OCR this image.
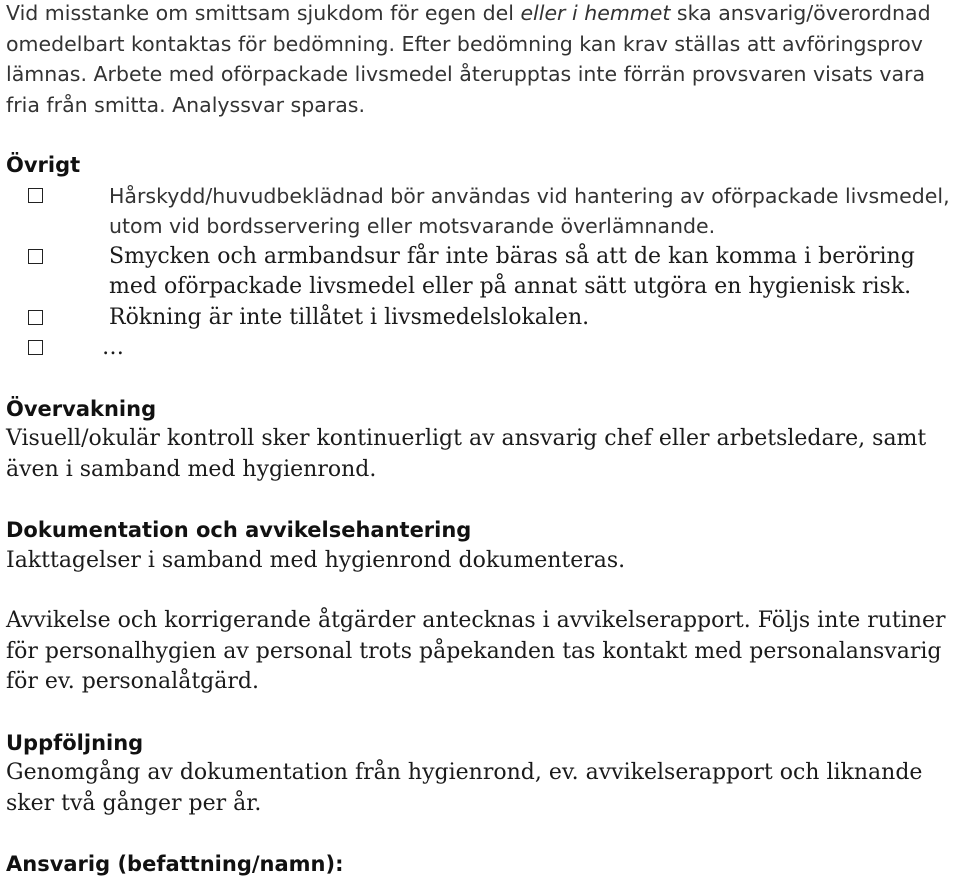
Vid misstanke om smittsam sjukdom för egen del eller i hemmet ska ansvarig/överordnad omedelbart kontaktas för bedömning. Efter bedömning kan krav ställas att avföringsprov lämnas. Arbete med oförpackade livsmedel återupptas inte förrän provsvaren visats vara fria från smitta. Analyssvar sparas.

Övrigt
Hårskydd/huvudbeklädnad bör användas vid hantering av oförpackade livsmedel, utom vid bordsservering eller motsvarande överlämnande.
Smycken och armbandsur får inte bäras så att de kan komma i beröring med oförpackade livsmedel eller på annat sätt utgöra en hygienisk risk.
Rökning är inte tillåtet i livsmedelslokalen.
…
Övervakning

Visuell/okulär kontroll sker kontinuerligt av ansvarig chef eller arbetsledare, samt även i samband med hygienrond.

Dokumentation och avvikelsehantering

Iakttagelser i samband med hygienrond dokumenteras.

Avvikelse och korrigerande åtgärder antecknas i avvikelserapport. Följs inte rutiner för personalhygien av personal trots påpekanden tas kontakt med personalansvarig för ev. personalåtgärd.

Uppföljning

Genomgång av dokumentation från hygienrond, ev. avvikelserapport och liknande sker två gånger per år.

Ansvarig (befattning/namn):
